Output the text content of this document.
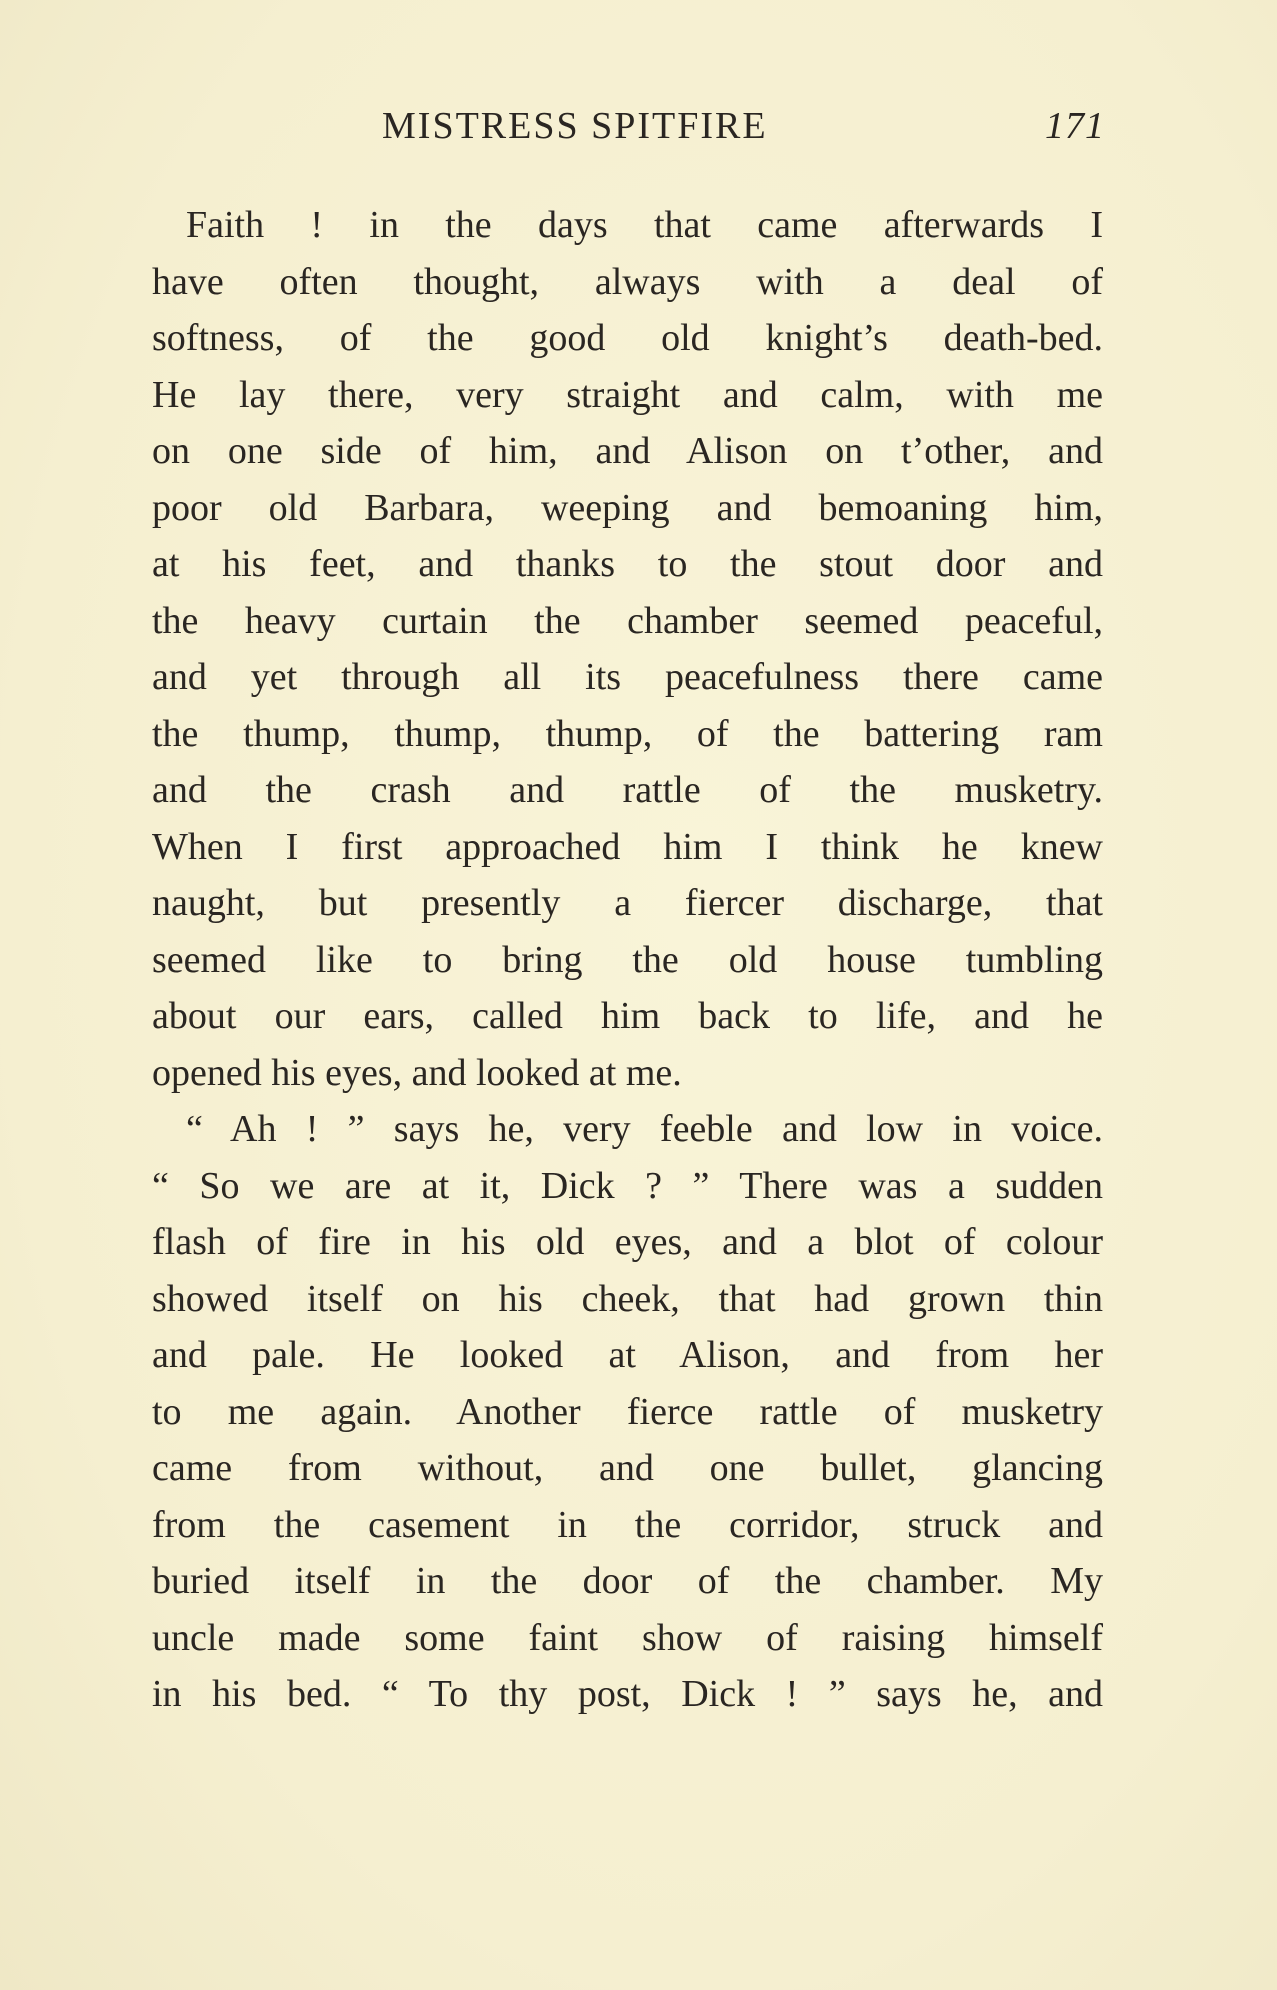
MISTRESS SPITFIRE	171
Faith ! in the days that came afterwards I
have often thought, always with a deal of
softness, of the good old knight’s death-bed.
He lay there, very straight and calm, with me
on one side of him, and Alison on t’other, and
poor old Barbara, weeping and bemoaning him,
at his feet, and thanks to the stout door and
the heavy curtain the chamber seemed peaceful,
and yet through all its peacefulness there came
the thump, thump, thump, of the battering ram
and the crash and rattle of the musketry.
When I first approached him I think he knew
naught, but presently a fiercer discharge, that
seemed like to bring the old house tumbling
about our ears, called him back to life, and he
opened his eyes, and looked at me.
“ Ah ! ” says he, very feeble and low in voice.
“ So we are at it, Dick ? ” There was a sudden
flash of fire in his old eyes, and a blot of colour
showed itself on his cheek, that had grown thin
and pale. He looked at Alison, and from her
to me again. Another fierce rattle of musketry
came from without, and one bullet, glancing
from the casement in the corridor, struck and
buried itself in the door of the chamber. My
uncle made some faint show of raising himself
in his bed. “ To thy post, Dick ! ” says he, and
